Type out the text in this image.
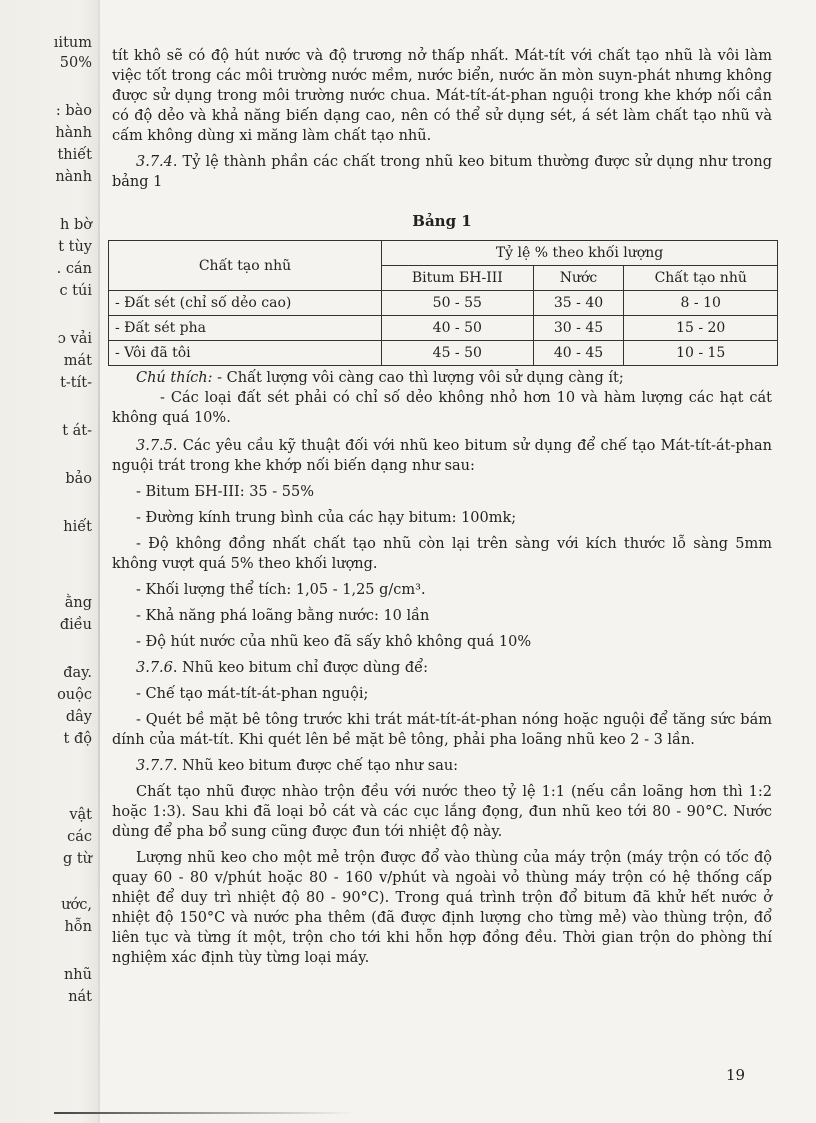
ıitum
50%
: bào
hành
thiết
nành
h bờ
t tùy
. cán
c túi
ɔ vải
mát
t-tít-
t át-
bảo
hiết
ằng
điều
đay.
ouộc
dây
t độ
vật
các
g từ
ước,
hỗn
nhũ
nát

tít khô sẽ có độ hút nước và độ trương nở thấp nhất. Mát-tít với chất tạo nhũ là vôi làm việc tốt trong các môi trường nước mềm, nước biển, nước ăn mòn suyn-phát nhưng không được sử dụng trong môi trường nước chua. Mát-tít-át-phan nguội trong khe khớp nối cần có độ dẻo và khả năng biến dạng cao, nên có thể sử dụng sét, á sét làm chất tạo nhũ và cấm không dùng xi măng làm chất tạo nhũ.

3.7.4. Tỷ lệ thành phần các chất trong nhũ keo bitum thường được sử dụng như trong bảng 1

Bảng 1
Chất tạo nhũ	Tỷ lệ % theo khối lượng		
	Bitum БН-III	Nước	Chất tạo nhũ
- Đất sét (chỉ số dẻo cao)	50 - 55	35 - 40	8 - 10
- Đất sét pha	40 - 50	30 - 45	15 - 20
- Vôi đã tôi	45 - 50	40 - 45	10 - 15

Chú thích: - Chất lượng vôi càng cao thì lượng vôi sử dụng càng ít;

- Các loại đất sét phải có chỉ số dẻo không nhỏ hơn 10 và hàm lượng các hạt cát không quá 10%.

3.7.5. Các yêu cầu kỹ thuật đối với nhũ keo bitum sử dụng để chế tạo Mát-tít-át-phan nguội trát trong khe khớp nối biến dạng như sau:

- Bitum БН-III: 35 - 55%

- Đường kính trung bình của các hạy bitum: 100mk;

- Độ không đồng nhất chất tạo nhũ còn lại trên sàng với kích thước lỗ sàng 5mm không vượt quá 5% theo khối lượng.

- Khối lượng thể tích: 1,05 - 1,25 g/cm³.

- Khả năng phá loãng bằng nước: 10 lần

- Độ hút nước của nhũ keo đã sấy khô không quá 10%

3.7.6. Nhũ keo bitum chỉ được dùng để:

- Chế tạo mát-tít-át-phan nguội;

- Quét bề mặt bê tông trước khi trát mát-tít-át-phan nóng hoặc nguội để tăng sức bám dính của mát-tít. Khi quét lên bề mặt bê tông, phải pha loãng nhũ keo 2 - 3 lần.

3.7.7. Nhũ keo bitum được chế tạo như sau:

Chất tạo nhũ được nhào trộn đều với nước theo tỷ lệ 1:1 (nếu cần loãng hơn thì 1:2 hoặc 1:3). Sau khi đã loại bỏ cát và các cục lắng đọng, đun nhũ keo tới 80 - 90°C. Nước dùng để pha bổ sung cũng được đun tới nhiệt độ này.

Lượng nhũ keo cho một mẻ trộn được đổ vào thùng của máy trộn (máy trộn có tốc độ quay 60 - 80 v/phút hoặc 80 - 160 v/phút và ngoài vỏ thùng máy trộn có hệ thống cấp nhiệt để duy trì nhiệt độ 80 - 90°C). Trong quá trình trộn đổ bitum đã khử hết nước ở nhiệt độ 150°C và nước pha thêm (đã được định lượng cho từng mẻ) vào thùng trộn, đổ liên tục và từng ít một, trộn cho tới khi hỗn hợp đồng đều. Thời gian trộn do phòng thí nghiệm xác định tùy từng loại máy.

19
